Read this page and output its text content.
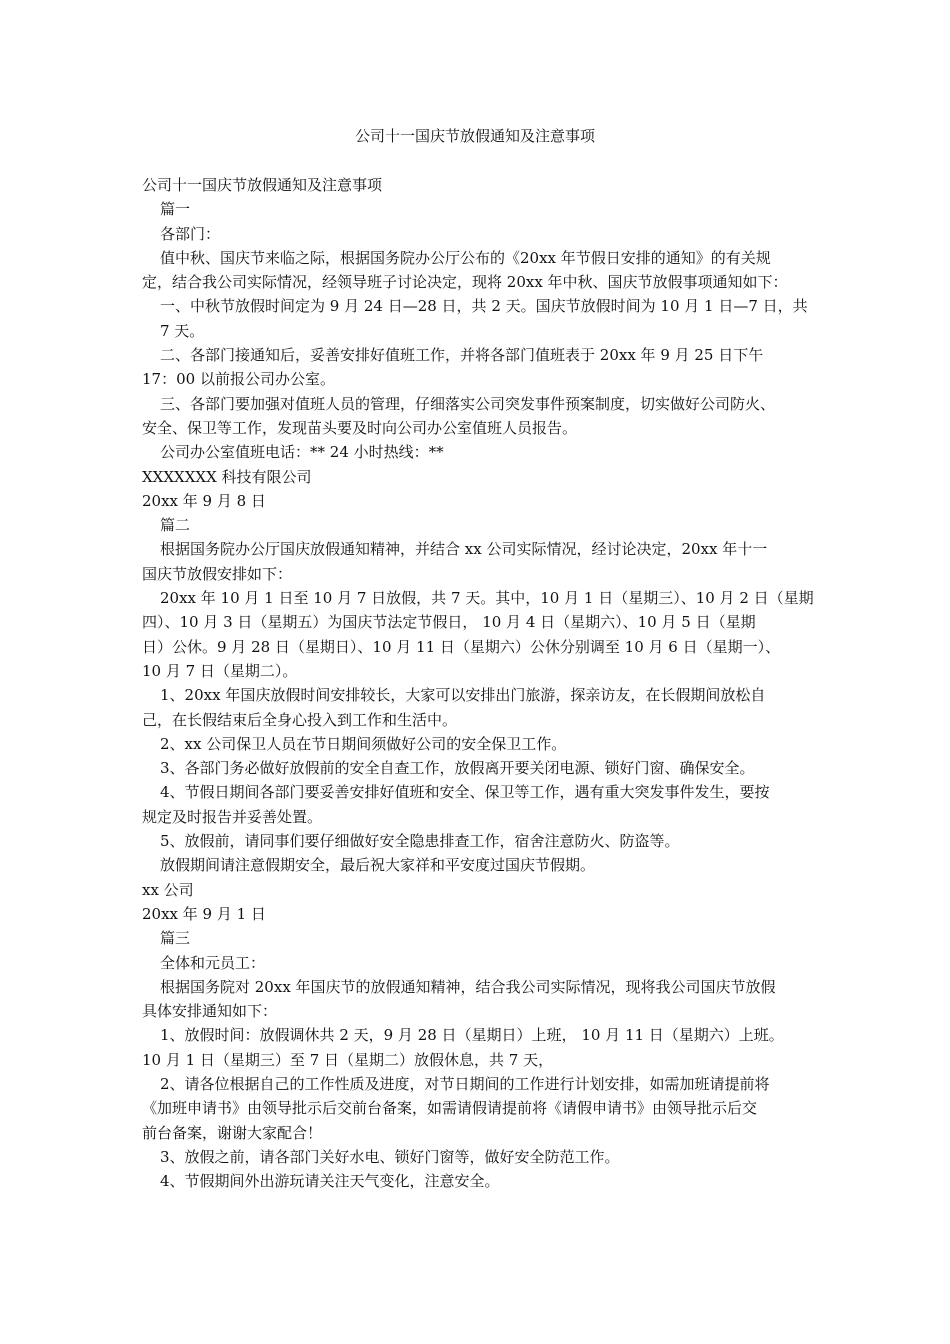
公司十一国庆节放假通知及注意事项
公司十一国庆节放假通知及注意事项
篇一
各部门：
值中秋、国庆节来临之际，根据国务院办公厅公布的《20xx 年节假日安排的通知》的有关规
定，结合我公司实际情况，经领导班子讨论决定，现将 20xx 年中秋、国庆节放假事项通知如下：
一、中秋节放假时间定为 9 月 24 日—28 日，共 2 天。国庆节放假时间为 10 月 1 日—7 日，共
7 天。
二、各部门接通知后，妥善安排好值班工作，并将各部门值班表于 20xx 年 9 月 25 日下午
17：00 以前报公司办公室。
三、各部门要加强对值班人员的管理，仔细落实公司突发事件预案制度，切实做好公司防火、
安全、保卫等工作，发现苗头要及时向公司办公室值班人员报告。
公司办公室值班电话：** 24 小时热线：**
XXXXXXX 科技有限公司
20xx 年 9 月 8 日
篇二
根据国务院办公厅国庆放假通知精神，并结合 xx 公司实际情况，经讨论决定，20xx 年十一
国庆节放假安排如下：
20xx 年 10 月 1 日至 10 月 7 日放假，共 7 天。其中，10 月 1 日（星期三）、10 月 2 日（星期
四）、10 月 3 日（星期五）为国庆节法定节假日， 10 月 4 日（星期六）、10 月 5 日（星期
日）公休。9 月 28 日（星期日）、10 月 11 日（星期六）公休分别调至 10 月 6 日（星期一）、
10 月 7 日（星期二）。
1、20xx 年国庆放假时间安排较长，大家可以安排出门旅游，探亲访友，在长假期间放松自
己，在长假结束后全身心投入到工作和生活中。
2、xx 公司保卫人员在节日期间须做好公司的安全保卫工作。
3、各部门务必做好放假前的安全自查工作，放假离开要关闭电源、锁好门窗、确保安全。
4、节假日期间各部门要妥善安排好值班和安全、保卫等工作，遇有重大突发事件发生，要按
规定及时报告并妥善处置。
5、放假前，请同事们要仔细做好安全隐患排查工作，宿舍注意防火、防盗等。
放假期间请注意假期安全，最后祝大家祥和平安度过国庆节假期。
xx 公司
20xx 年 9 月 1 日
篇三
全体和元员工：
根据国务院对 20xx 年国庆节的放假通知精神，结合我公司实际情况，现将我公司国庆节放假
具体安排通知如下：
1、放假时间：放假调休共 2 天，9 月 28 日（星期日）上班， 10 月 11 日（星期六）上班。
10 月 1 日（星期三）至 7 日（星期二）放假休息，共 7 天，
2、请各位根据自己的工作性质及进度，对节日期间的工作进行计划安排，如需加班请提前将
《加班申请书》由领导批示后交前台备案，如需请假请提前将《请假申请书》由领导批示后交
前台备案，谢谢大家配合！
3、放假之前，请各部门关好水电、锁好门窗等，做好安全防范工作。
4、节假期间外出游玩请关注天气变化，注意安全。
